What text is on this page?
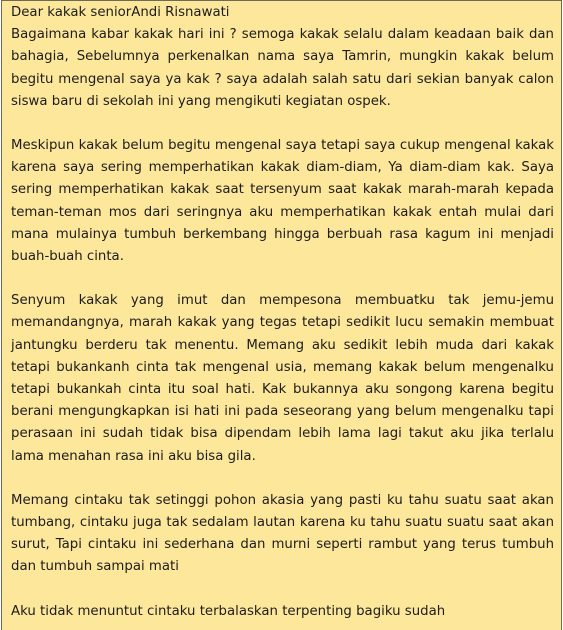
Dear kakak seniorAndi Risnawati

Bagaimana kabar kakak hari ini ? semoga kakak selalu dalam keadaan baik dan bahagia, Sebelumnya perkenalkan nama saya Tamrin, mungkin kakak belum begitu mengenal saya ya kak ? saya adalah salah satu dari sekian banyak calon siswa baru di sekolah ini yang mengikuti kegiatan ospek.

Meskipun kakak belum begitu mengenal saya tetapi saya cukup mengenal kakak karena saya sering memperhatikan kakak diam-diam, Ya diam-diam kak. Saya sering memperhatikan kakak saat tersenyum saat kakak marah-marah kepada teman-teman mos dari seringnya aku memperhatikan kakak entah mulai dari mana mulainya tumbuh berkembang hingga berbuah rasa kagum ini menjadi buah-buah cinta.

Senyum kakak yang imut dan mempesona membuatku tak jemu-jemu memandangnya, marah kakak yang tegas tetapi sedikit lucu semakin membuat jantungku berderu tak menentu. Memang aku sedikit lebih muda dari kakak tetapi bukankanh cinta tak mengenal usia, memang kakak belum mengenalku tetapi bukankah cinta itu soal hati. Kak bukannya aku songong karena begitu berani mengungkapkan isi hati ini pada seseorang yang belum mengenalku tapi perasaan ini sudah tidak bisa dipendam lebih lama lagi takut aku jika terlalu lama menahan rasa ini aku bisa gila.

Memang cintaku tak setinggi pohon akasia yang pasti ku tahu suatu saat akan tumbang, cintaku juga tak sedalam lautan karena ku tahu suatu suatu saat akan surut, Tapi cintaku ini sederhana dan murni seperti rambut yang terus tumbuh dan tumbuh sampai mati

Aku tidak menuntut cintaku terbalaskan terpenting bagiku sudah
